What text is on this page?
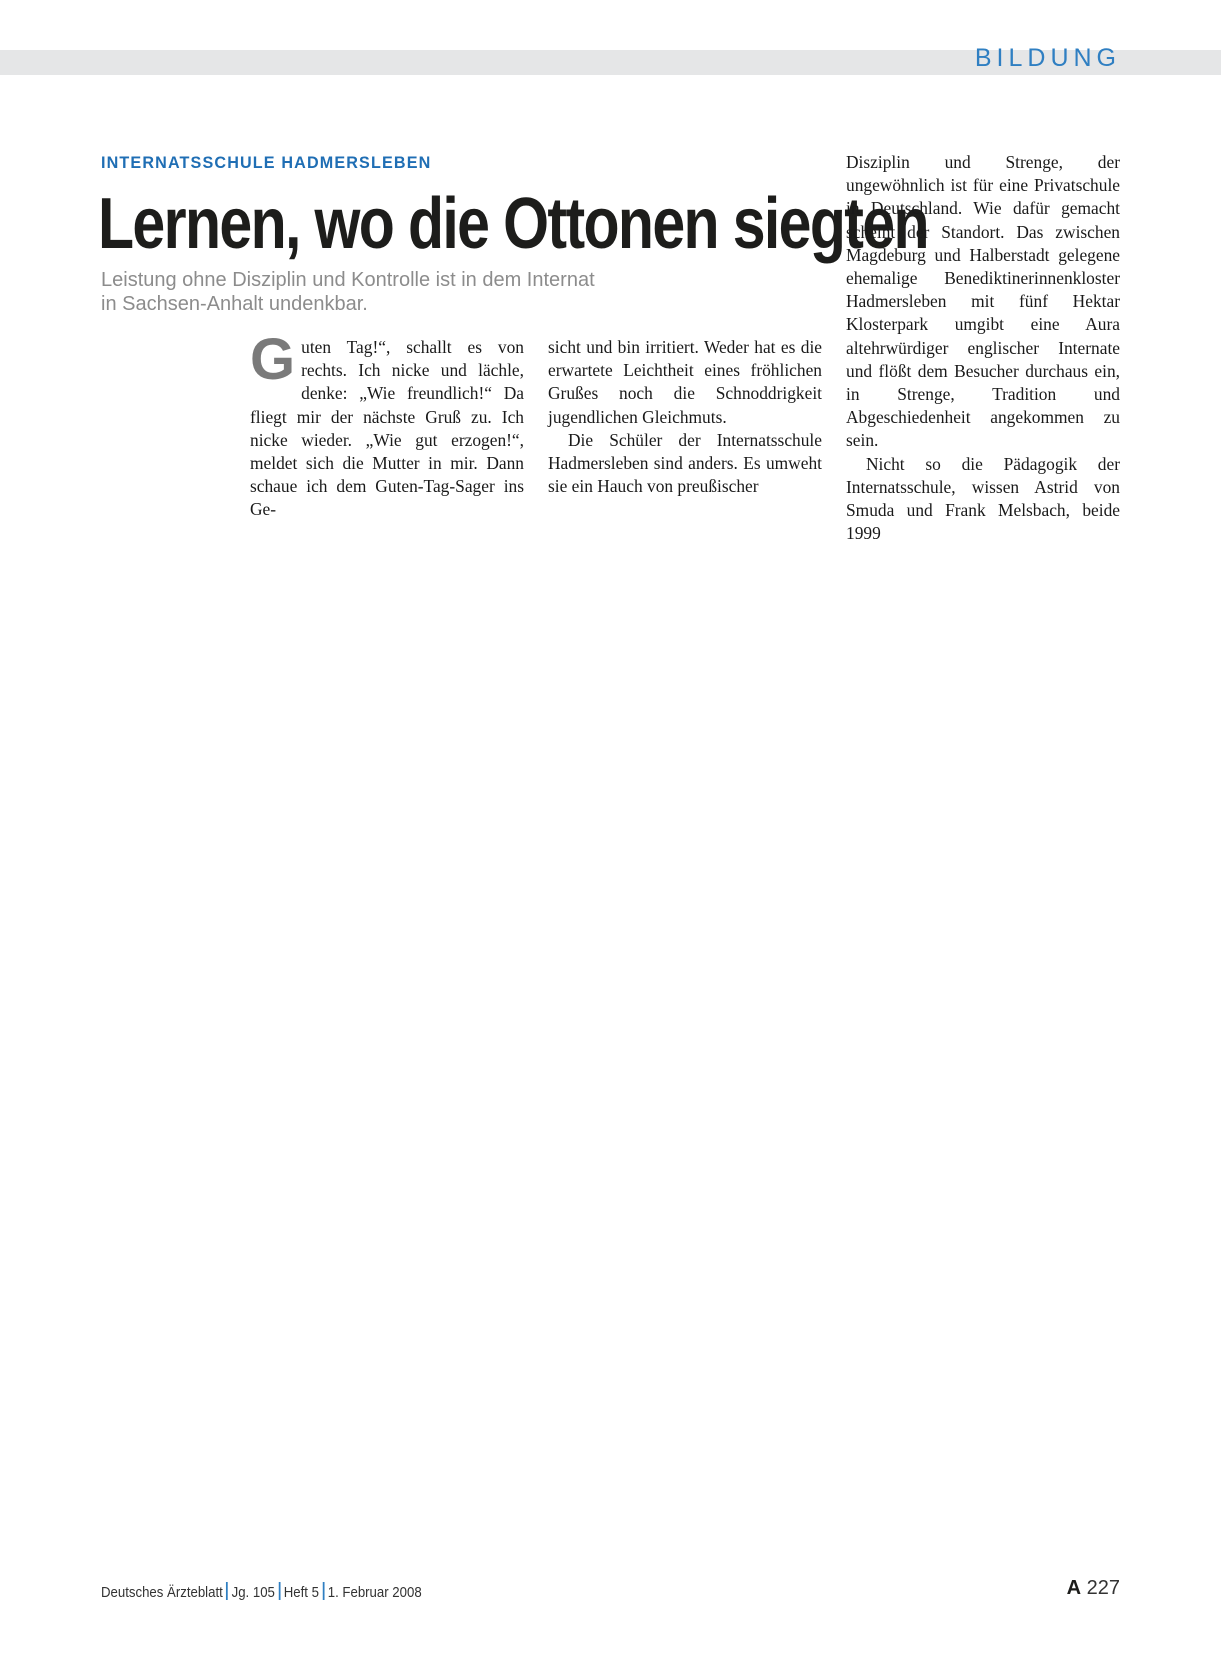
BILDUNG
INTERNATSSCHULE HADMERSLEBEN
Lernen, wo die Ottonen siegten
Leistung ohne Disziplin und Kontrolle ist in dem Internat
in Sachsen-Anhalt undenkbar.

Guten Tag!“, schallt es von rechts. Ich nicke und lächle, denke: „Wie freundlich!“ Da fliegt mir der nächste Gruß zu. Ich nicke wieder. „Wie gut erzogen!“, meldet sich die Mutter in mir. Dann schaue ich dem Guten-Tag-Sager ins Ge-

sicht und bin irritiert. Weder hat es die erwartete Leichtheit eines fröhlichen Grußes noch die Schnoddrigkeit jugendlichen Gleichmuts.

Die Schüler der Internatsschule Hadmersleben sind anders. Es umweht sie ein Hauch von preußischer

Disziplin und Strenge, der ungewöhnlich ist für eine Privatschule in Deutschland. Wie dafür gemacht scheint der Standort. Das zwischen Magdeburg und Halberstadt gelegene ehemalige Benediktinerinnenkloster Hadmersleben mit fünf Hektar Klosterpark umgibt eine Aura altehrwürdiger englischer Internate und flößt dem Besucher durchaus ein, in Strenge, Tradition und Abgeschiedenheit angekommen zu sein.

Nicht so die Pädagogik der Internatsschule, wissen Astrid von Smuda und Frank Melsbach, beide 1999

Deutsches Ärzteblatt Jg. 105 Heft 5 1. Februar 2008	A 227
